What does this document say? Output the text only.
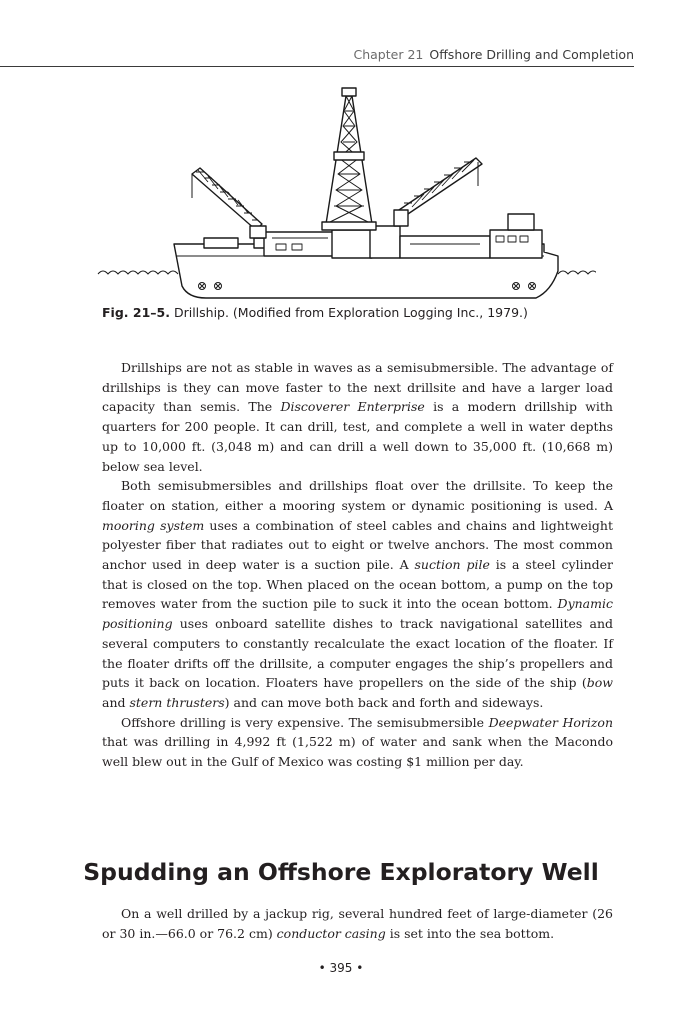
Chapter 21 Offshore Drilling and Completion
Fig. 21–5. Drillship. (Modified from Exploration Logging Inc., 1979.)

Drillships are not as stable in waves as a semisubmersible. The advantage of drillships is they can move faster to the next drillsite and have a larger load capacity than semis. The Discoverer Enterprise is a modern drillship with quarters for 200 people. It can drill, test, and complete a well in water depths up to 10,000 ft. (3,048 m) and can drill a well down to 35,000 ft. (10,668 m) below sea level.

Both semisubmersibles and drillships float over the drillsite. To keep the floater on station, either a mooring system or dynamic positioning is used. A mooring system uses a combination of steel cables and chains and lightweight polyester fiber that radiates out to eight or twelve anchors. The most common anchor used in deep water is a suction pile. A suction pile is a steel cylinder that is closed on the top. When placed on the ocean bottom, a pump on the top removes water from the suction pile to suck it into the ocean bottom. Dynamic positioning uses onboard satellite dishes to track navigational satellites and several computers to constantly recalculate the exact location of the floater. If the floater drifts off the drillsite, a computer engages the ship’s propellers and puts it back on location. Floaters have propellers on the side of the ship (bow and stern thrusters) and can move both back and forth and sideways.

Offshore drilling is very expensive. The semisubmersible Deepwater Horizon that was drilling in 4,992 ft (1,522 m) of water and sank when the Macondo well blew out in the Gulf of Mexico was costing $1 million per day.

Spudding an Offshore Exploratory Well

On a well drilled by a jackup rig, several hundred feet of large-diameter (26 or 30 in.—66.0 or 76.2 cm) conductor casing is set into the sea bottom.

• 395 •
